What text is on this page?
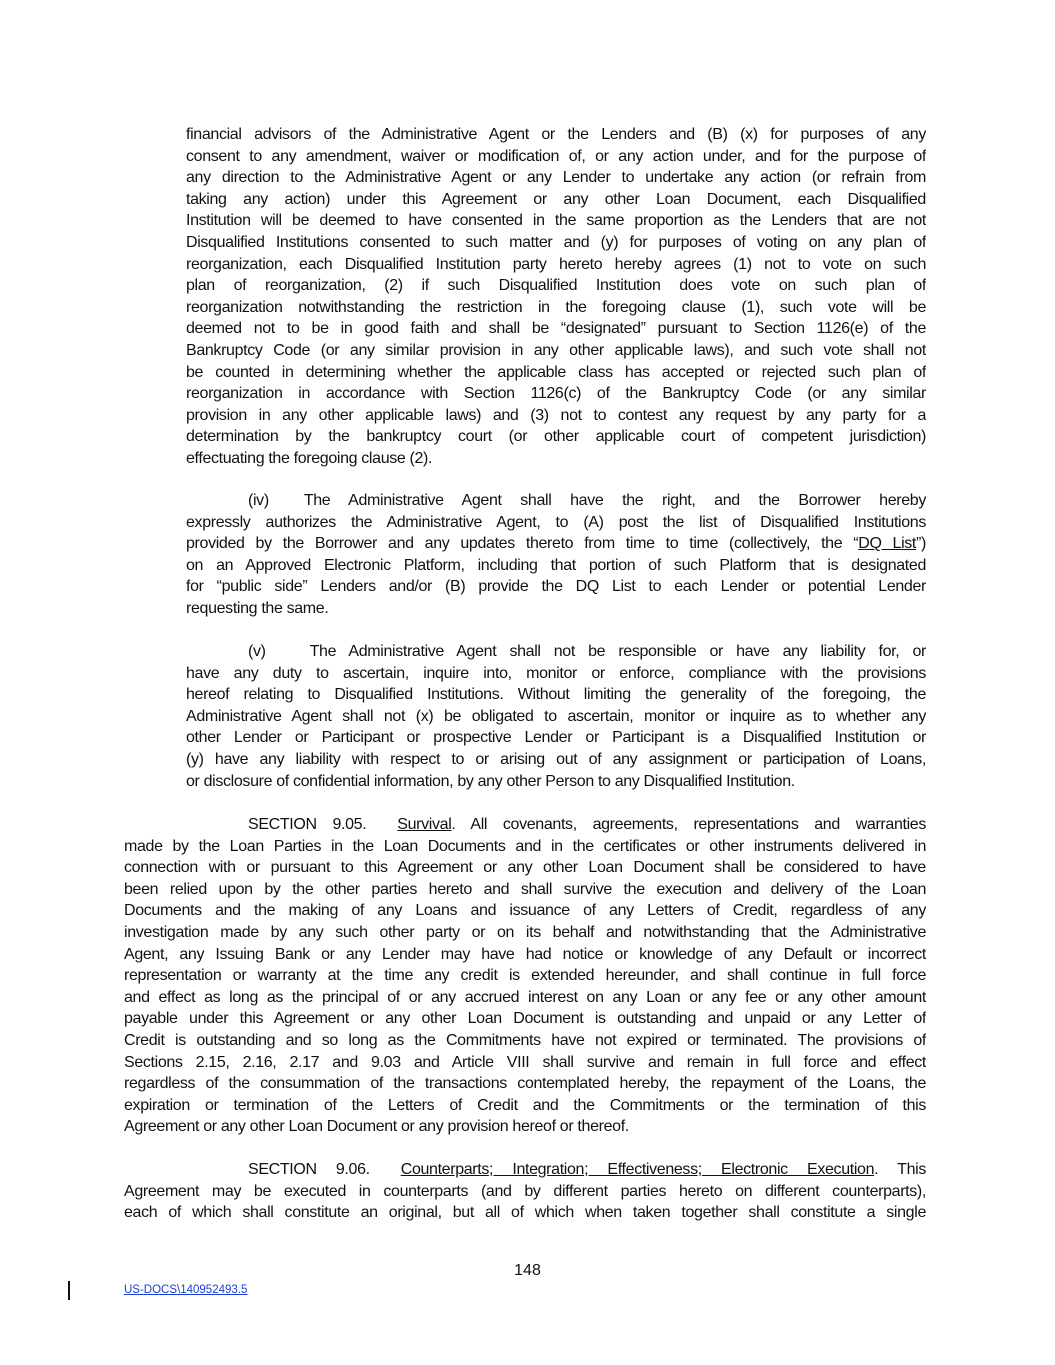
financial advisors of the Administrative Agent or the Lenders and (B) (x) for purposes of any
consent to any amendment, waiver or modification of, or any action under, and for the purpose of
any direction to the Administrative Agent or any Lender to undertake any action (or refrain from
taking any action) under this Agreement or any other Loan Document, each Disqualified
Institution will be deemed to have consented in the same proportion as the Lenders that are not
Disqualified Institutions consented to such matter and (y) for purposes of voting on any plan of
reorganization, each Disqualified Institution party hereto hereby agrees (1) not to vote on such
plan of reorganization, (2) if such Disqualified Institution does vote on such plan of
reorganization notwithstanding the restriction in the foregoing clause (1), such vote will be
deemed not to be in good faith and shall be “designated” pursuant to Section 1126(e) of the
Bankruptcy Code (or any similar provision in any other applicable laws), and such vote shall not
be counted in determining whether the applicable class has accepted or rejected such plan of
reorganization in accordance with Section 1126(c) of the Bankruptcy Code (or any similar
provision in any other applicable laws) and (3) not to contest any request by any party for a
determination by the bankruptcy court (or other applicable court of competent jurisdiction)
effectuating the foregoing clause (2).
(iv) The Administrative Agent shall have the right, and the Borrower hereby
expressly authorizes the Administrative Agent, to (A) post the list of Disqualified Institutions
provided by the Borrower and any updates thereto from time to time (collectively, the “DQ List”)
on an Approved Electronic Platform, including that portion of such Platform that is designated
for “public side” Lenders and/or (B) provide the DQ List to each Lender or potential Lender
requesting the same.
(v)	The Administrative Agent shall not be responsible or have any liability for, or
have any duty to ascertain, inquire into, monitor or enforce, compliance with the provisions
hereof relating to Disqualified Institutions. Without limiting the generality of the foregoing, the
Administrative Agent shall not (x) be obligated to ascertain, monitor or inquire as to whether any
other Lender or Participant or prospective Lender or Participant is a Disqualified Institution or
(y) have any liability with respect to or arising out of any assignment or participation of Loans,
or disclosure of confidential information, by any other Person to any Disqualified Institution.
SECTION 9.05. Survival. All covenants, agreements, representations and warranties
made by the Loan Parties in the Loan Documents and in the certificates or other instruments delivered in
connection with or pursuant to this Agreement or any other Loan Document shall be considered to have
been relied upon by the other parties hereto and shall survive the execution and delivery of the Loan
Documents and the making of any Loans and issuance of any Letters of Credit, regardless of any
investigation made by any such other party or on its behalf and notwithstanding that the Administrative
Agent, any Issuing Bank or any Lender may have had notice or knowledge of any Default or incorrect
representation or warranty at the time any credit is extended hereunder, and shall continue in full force
and effect as long as the principal of or any accrued interest on any Loan or any fee or any other amount
payable under this Agreement or any other Loan Document is outstanding and unpaid or any Letter of
Credit is outstanding and so long as the Commitments have not expired or terminated. The provisions of
Sections 2.15, 2.16, 2.17 and 9.03 and Article VIII shall survive and remain in full force and effect
regardless of the consummation of the transactions contemplated hereby, the repayment of the Loans, the
expiration or termination of the Letters of Credit and the Commitments or the termination of this
Agreement or any other Loan Document or any provision hereof or thereof.
SECTION 9.06. Counterparts; Integration; Effectiveness; Electronic Execution. This
Agreement may be executed in counterparts (and by different parties hereto on different counterparts),
each of which shall constitute an original, but all of which when taken together shall constitute a single
148
US-DOCS\140952493.5
